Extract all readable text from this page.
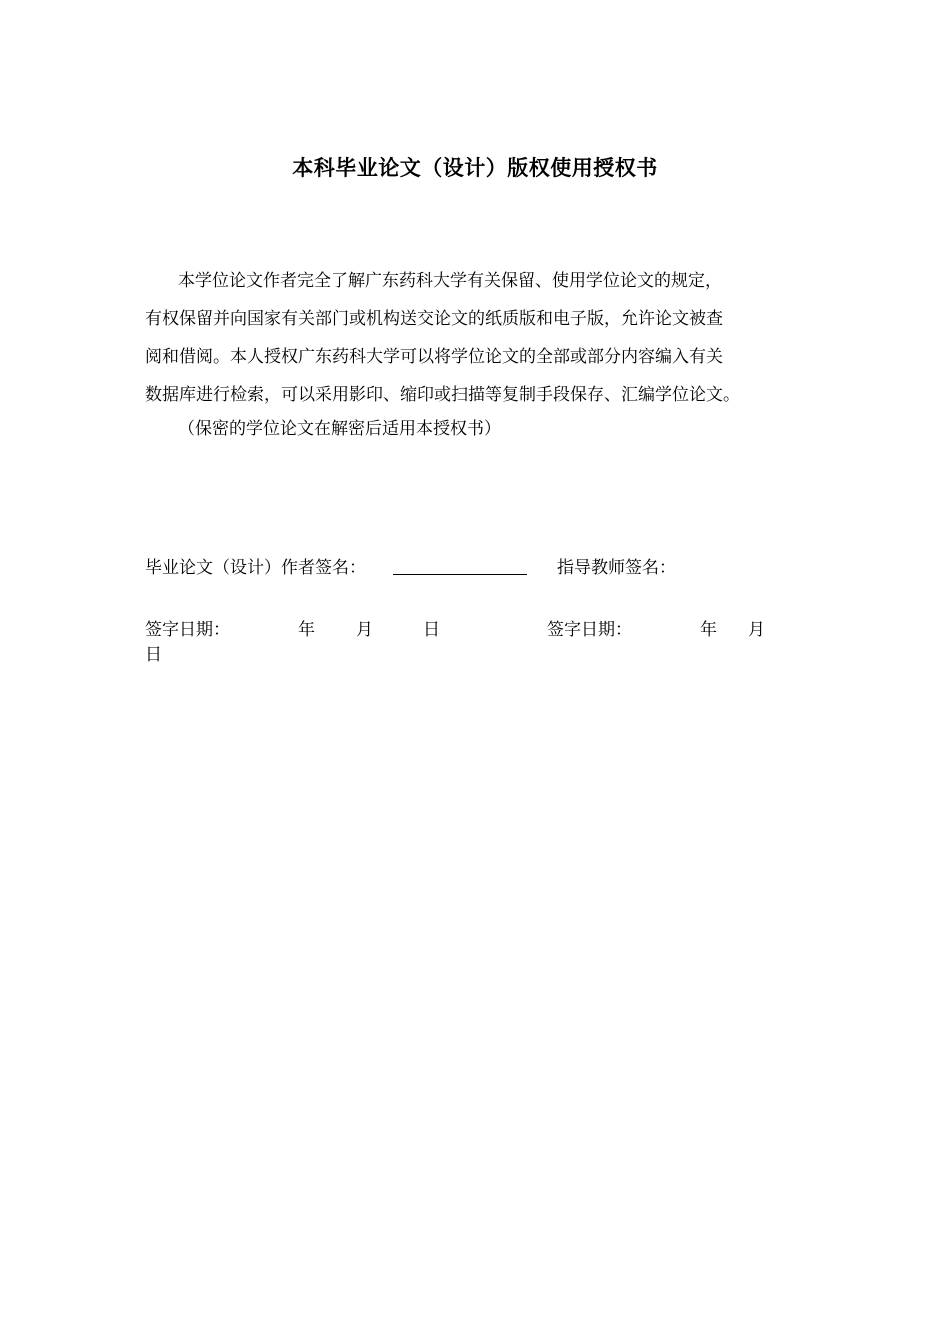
本科毕业论文（设计）版权使用授权书
本学位论文作者完全了解广东药科大学有关保留、使用学位论文的规定，
有权保留并向国家有关部门或机构送交论文的纸质版和电子版，允许论文被查
阅和借阅。本人授权广东药科大学可以将学位论文的全部或部分内容编入有关
数据库进行检索，可以采用影印、缩印或扫描等复制手段保存、汇编学位论文。
（保密的学位论文在解密后适用本授权书）
毕业论文（设计）作者签名：	指导教师签名：
签字日期：	年 月	日	签字日期：	年 月
日
